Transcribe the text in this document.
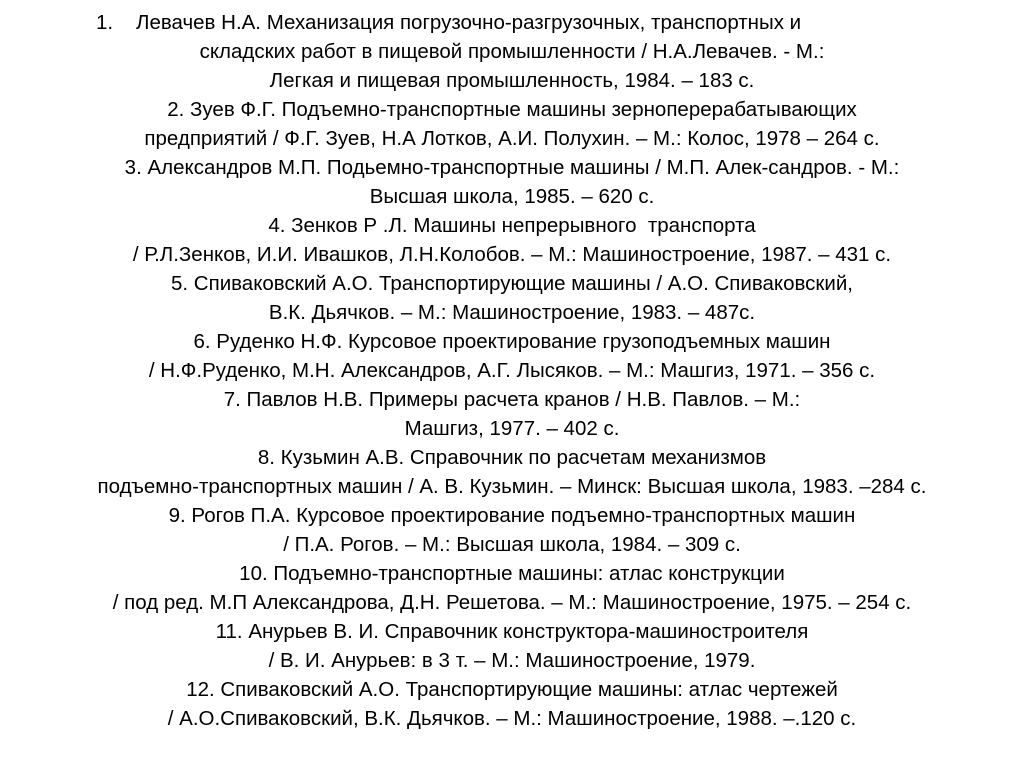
1. Левачев Н.А. Механизация погрузочно-разгрузочных, транспортных и
складских работ в пищевой промышленности / Н.А.Левачев. - М.:
Легкая и пищевая промышленность, 1984. – 183 с.
2. Зуев Ф.Г. Подъемно-транспортные машины зерноперерабатывающих
предприятий / Ф.Г. Зуев, Н.А Лотков, А.И. Полухин. – М.: Колос, 1978 – 264 с.
3. Александров М.П. Подьемно-транспортные машины / М.П. Алек-сандров. - М.:
Высшая школа, 1985. – 620 с.
4. Зенков Р .Л. Машины непрерывного  транспорта
/ Р.Л.Зенков, И.И. Ивашков, Л.Н.Колобов. – М.: Машиностроение, 1987. – 431 с.
5. Спиваковский А.О. Транспортирующие машины / А.О. Спиваковский,
В.К. Дьячков. – М.: Машиностроение, 1983. – 487с.
6. Руденко Н.Ф. Курсовое проектирование грузоподъемных машин
/ Н.Ф.Руденко, М.Н. Александров, А.Г. Лысяков. – М.: Машгиз, 1971. – 356 с.
7. Павлов Н.В. Примеры расчета кранов / Н.В. Павлов. – М.:
Машгиз, 1977. – 402 с.
8. Кузьмин А.В. Справочник по расчетам механизмов
подъемно-транспортных машин / А. В. Кузьмин. – Минск: Высшая школа, 1983. –284 с.
9. Рогов П.А. Курсовое проектирование подъемно-транспортных машин
/ П.А. Рогов. – М.: Высшая школа, 1984. – 309 с.
10. Подъемно-транспортные машины: атлас конструкции
/ под ред. М.П Александрова, Д.Н. Решетова. – М.: Машиностроение, 1975. – 254 с.
11. Анурьев В. И. Справочник конструктора-машиностроителя
/ В. И. Анурьев: в 3 т. – М.: Машиностроение, 1979.
12. Спиваковский А.О. Транспортирующие машины: атлас чертежей
/ А.О.Спиваковский, В.К. Дьячков. – М.: Машиностроение, 1988. –.120 с.
